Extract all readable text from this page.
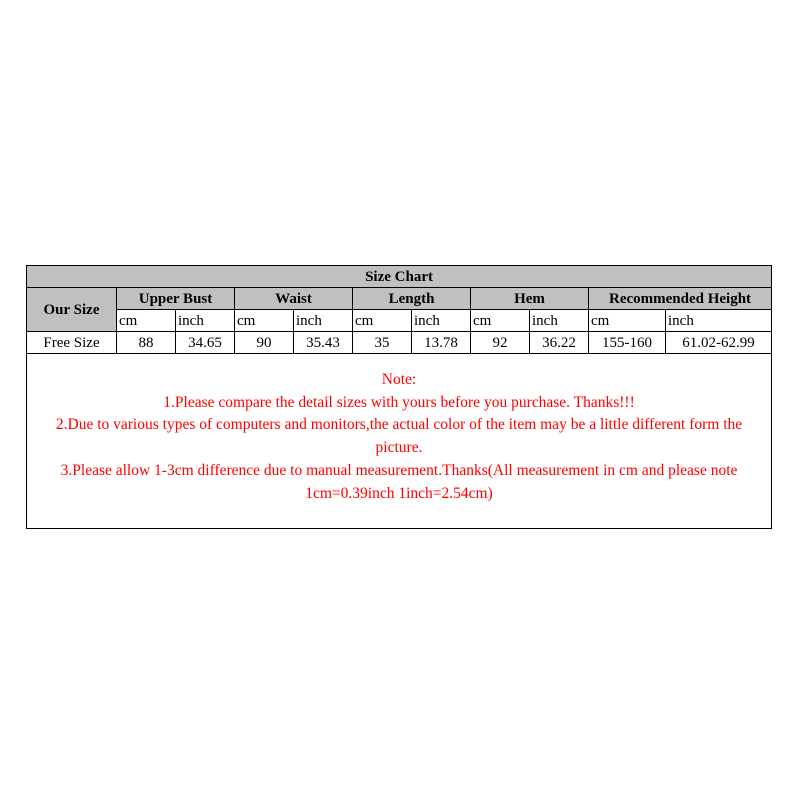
Size Chart										
Our Size	Upper Bust		Waist		Length		Hem		Recommended Height	
	cm	inch	cm	inch	cm	inch	cm	inch	cm	inch
Free Size	88	34.65	90	35.43	35	13.78	92	36.22	155-160	61.02-62.99

Note:
1.Please compare the detail sizes with yours before you purchase. Thanks!!!
2.Due to various types of computers and monitors,the actual color of the item may be a little different form the picture.
3.Please allow 1-3cm difference due to manual measurement.Thanks(All measurement in cm and please note 1cm=0.39inch 1inch=2.54cm)										
